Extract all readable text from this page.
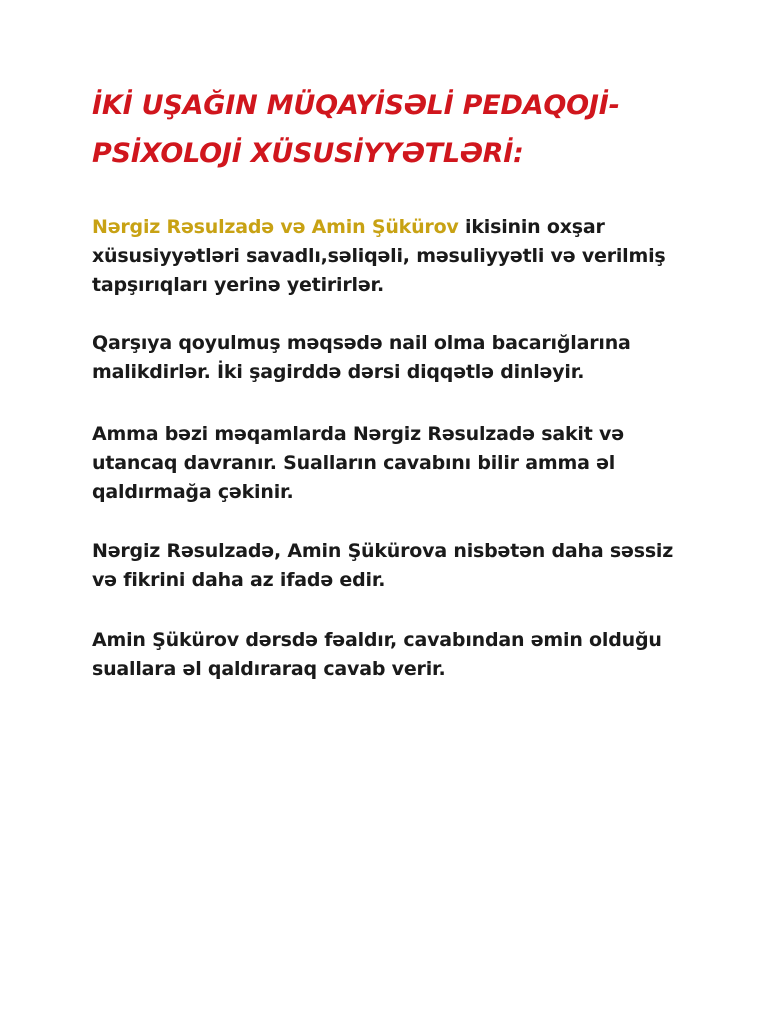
İKİ UŞAĞIN MÜQAYİSƏLİ PEDAQOJİ-PSİXOLOJİ XÜSUSİYYƏTLƏRİ:

Nərgiz Rəsulzadə və Amin Şükürov ikisinin oxşar xüsusiyyətləri savadlı,səliqəli, məsuliyyətli və verilmiş tapşırıqları yerinə yetirirlər.

Qarşıya qoyulmuş məqsədə nail olma bacarığlarına malikdirlər. İki şagirddə dərsi diqqətlə dinləyir.

Amma bəzi məqamlarda Nərgiz Rəsulzadə sakit və utancaq davranır. Sualların cavabını bilir amma əl qaldırmağa çəkinir.

Nərgiz Rəsulzadə, Amin Şükürova nisbətən daha səssiz və fikrini daha az ifadə edir.

Amin Şükürov dərsdə fəaldır, cavabından əmin olduğu suallara əl qaldıraraq cavab verir.
